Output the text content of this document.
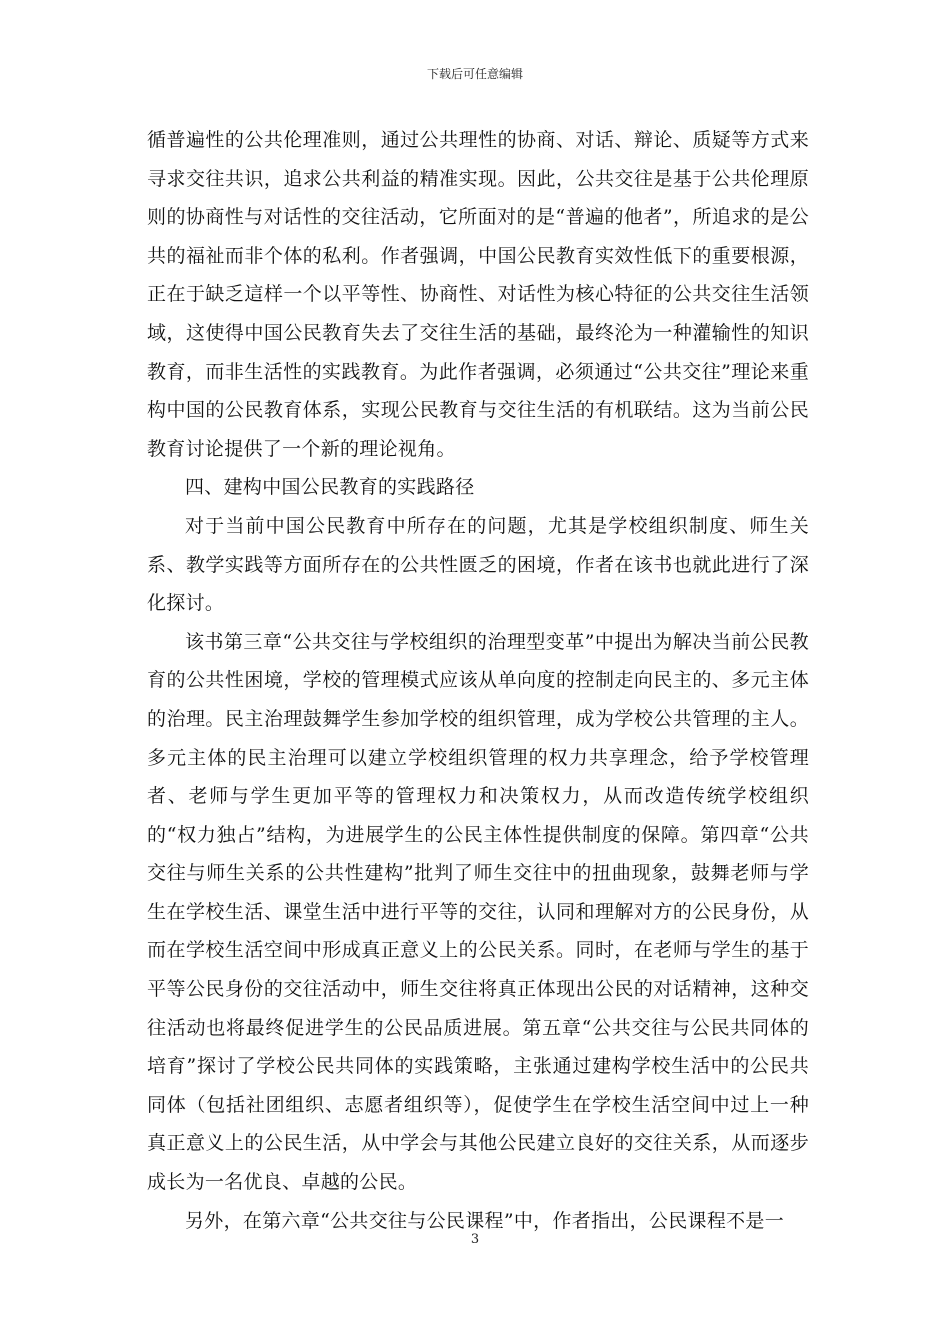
下载后可任意编辑

循普遍性的公共伦理准则，通过公共理性的协商、对话、辩论、质疑等方式来寻求交往共识，追求公共利益的精准实现。因此，公共交往是基于公共伦理原则的协商性与对话性的交往活动，它所面对的是“普遍的他者”，所追求的是公共的福祉而非个体的私利。作者强调，中国公民教育实效性低下的重要根源，正在于缺乏這样一个以平等性、协商性、对话性为核心特征的公共交往生活领域，这使得中国公民教育失去了交往生活的基础，最终沦为一种灌输性的知识教育，而非生活性的实践教育。为此作者强调，必须通过“公共交往”理论来重构中国的公民教育体系，实现公民教育与交往生活的有机联结。这为当前公民教育讨论提供了一个新的理论视角。

四、建构中国公民教育的实践路径

对于当前中国公民教育中所存在的问题，尤其是学校组织制度、师生关系、教学实践等方面所存在的公共性匮乏的困境，作者在该书也就此进行了深化探讨。

该书第三章“公共交往与学校组织的治理型变革”中提出为解决当前公民教育的公共性困境，学校的管理模式应该从单向度的控制走向民主的、多元主体的治理。民主治理鼓舞学生参加学校的组织管理，成为学校公共管理的主人。多元主体的民主治理可以建立学校组织管理的权力共享理念，给予学校管理者、老师与学生更加平等的管理权力和决策权力，从而改造传统学校组织的“权力独占”结构，为进展学生的公民主体性提供制度的保障。第四章“公共交往与师生关系的公共性建构”批判了师生交往中的扭曲现象，鼓舞老师与学生在学校生活、课堂生活中进行平等的交往，认同和理解对方的公民身份，从而在学校生活空间中形成真正意义上的公民关系。同时，在老师与学生的基于平等公民身份的交往活动中，师生交往将真正体现出公民的对话精神，这种交往活动也将最终促进学生的公民品质进展。第五章“公共交往与公民共同体的培育”探讨了学校公民共同体的实践策略，主张通过建构学校生活中的公民共同体（包括社团组织、志愿者组织等），促使学生在学校生活空间中过上一种真正意义上的公民生活，从中学会与其他公民建立良好的交往关系，从而逐步成长为一名优良、卓越的公民。

另外，在第六章“公共交往与公民课程”中，作者指出，公民课程不是一

3
